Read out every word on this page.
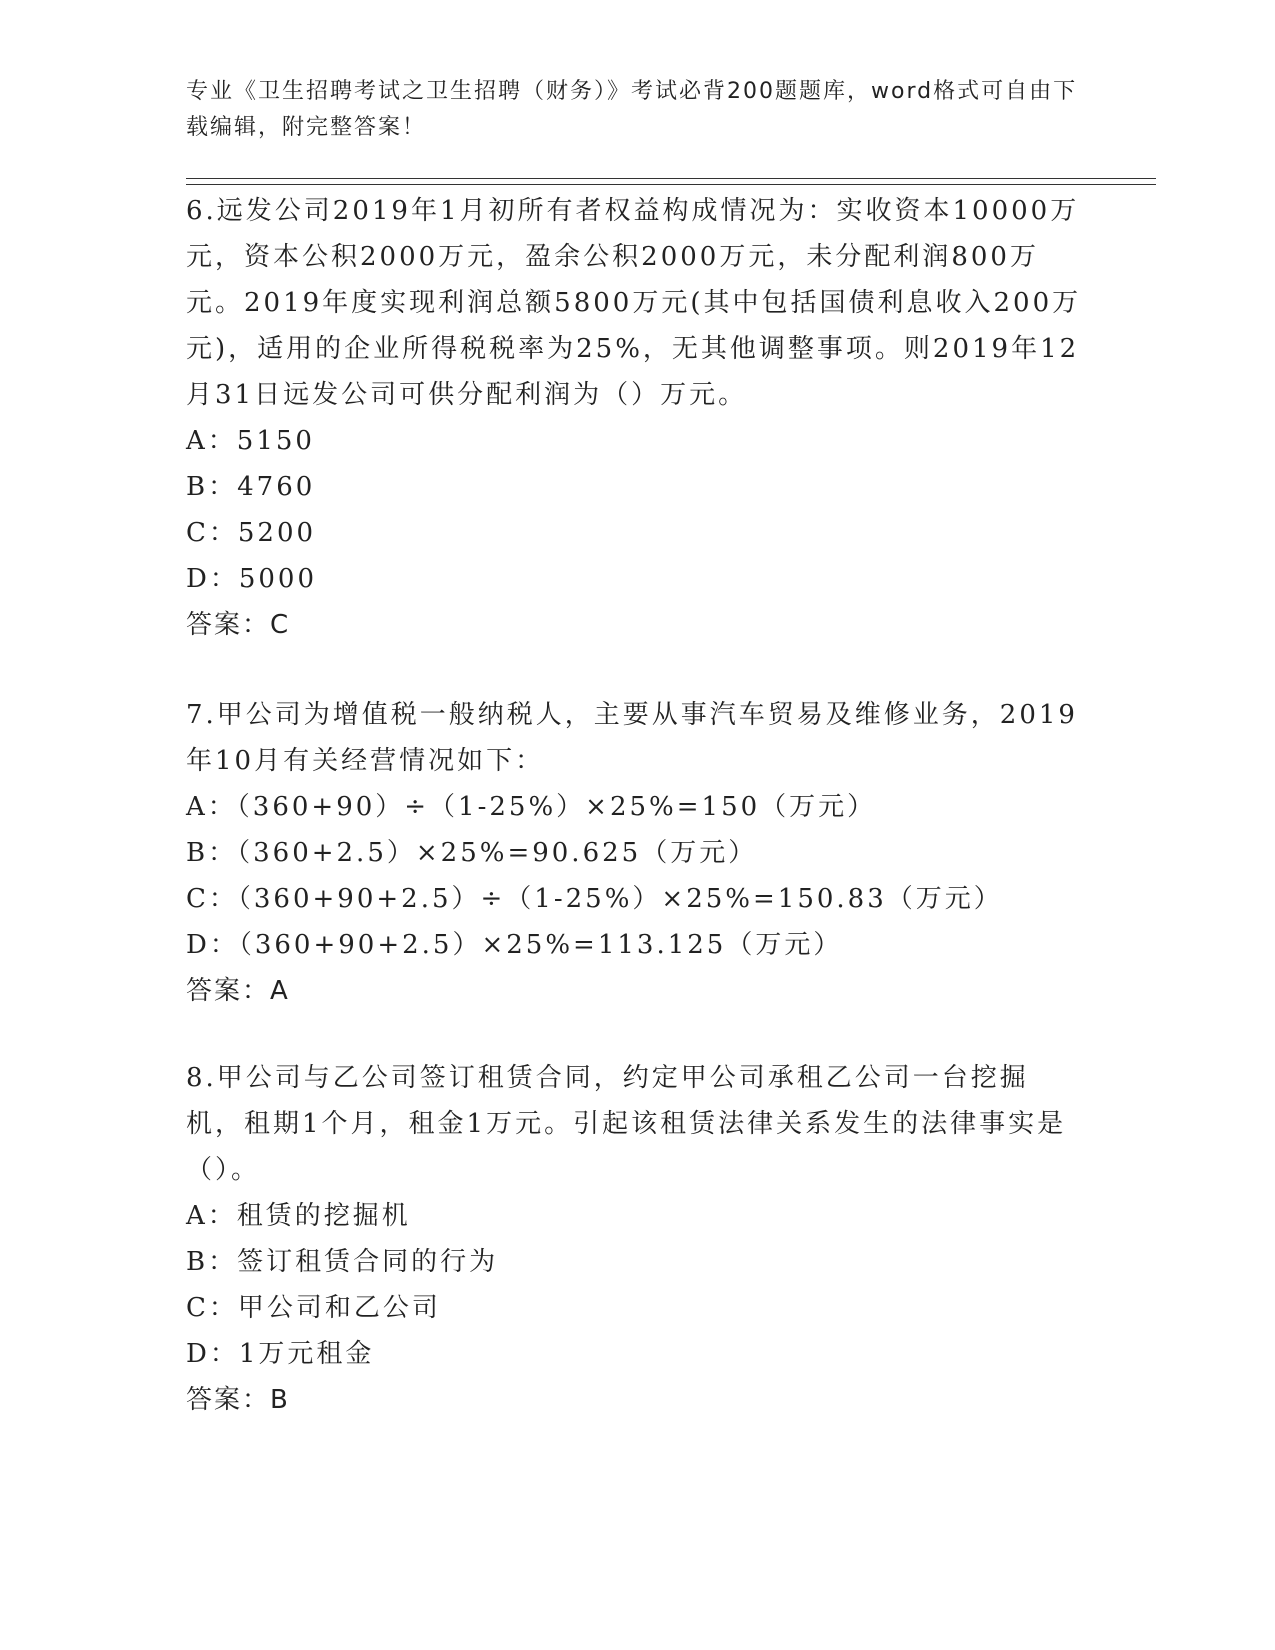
专业《卫生招聘考试之卫生招聘（财务）》考试必背200题题库，word格式可自由下载编辑，附完整答案！

6.远发公司2019年1月初所有者权益构成情况为：实收资本10000万元，资本公积2000万元，盈余公积2000万元，未分配利润800万元。2019年度实现利润总额5800万元(其中包括国债利息收入200万元)，适用的企业所得税税率为25%，无其他调整事项。则2019年12月31日远发公司可供分配利润为（）万元。

A：5150

B：4760

C：5200

D：5000

答案：C

7.甲公司为增值税一般纳税人，主要从事汽车贸易及维修业务，2019年10月有关经营情况如下：

A：（360+90）÷（1-25%）×25%=150（万元）

B：（360+2.5）×25%=90.625（万元）

C：（360+90+2.5）÷（1-25%）×25%=150.83（万元）

D：（360+90+2.5）×25%=113.125（万元）

答案：A

8.甲公司与乙公司签订租赁合同，约定甲公司承租乙公司一台挖掘机，租期1个月，租金1万元。引起该租赁法律关系发生的法律事实是（）。

A：租赁的挖掘机

B：签订租赁合同的行为

C：甲公司和乙公司

D：1万元租金

答案：B
